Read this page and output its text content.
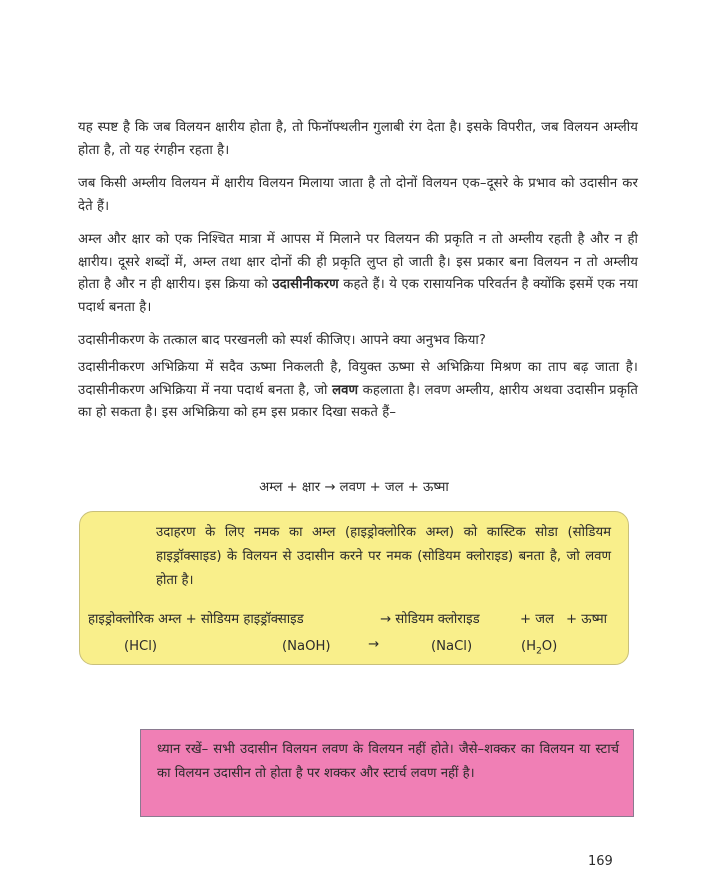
यह स्पष्ट है कि जब विलयन क्षारीय होता है, तो फिनॉफ्थलीन गुलाबी रंग देता है। इसके विपरीत, जब विलयन अम्लीय होता है, तो यह रंगहीन रहता है।

जब किसी अम्लीय विलयन में क्षारीय विलयन मिलाया जाता है तो दोनों विलयन एक–दूसरे के प्रभाव को उदासीन कर देते हैं।

अम्ल और क्षार को एक निश्चित मात्रा में आपस में मिलाने पर विलयन की प्रकृति न तो अम्लीय रहती है और न ही क्षारीय। दूसरे शब्दों में, अम्ल तथा क्षार दोनों की ही प्रकृति लुप्त हो जाती है। इस प्रकार बना विलयन न तो अम्लीय होता है और न ही क्षारीय। इस क्रिया को उदासीनीकरण कहते हैं। ये एक रासायनिक परिवर्तन है क्योंकि इसमें एक नया पदार्थ बनता है।

उदासीनीकरण के तत्काल बाद परखनली को स्पर्श कीजिए। आपने क्या अनुभव किया?

उदासीनीकरण अभिक्रिया में सदैव ऊष्मा निकलती है, वियुक्त ऊष्मा से अभिक्रिया मिश्रण का ताप बढ़ जाता है। उदासीनीकरण अभिक्रिया में नया पदार्थ बनता है, जो लवण कहलाता है। लवण अम्लीय, क्षारीय अथवा उदासीन प्रकृति का हो सकता है। इस अभिक्रिया को हम इस प्रकार दिखा सकते हैं–

अम्ल + क्षार → लवण + जल + ऊष्मा

उदाहरण के लिए नमक का अम्ल (हाइड्रोक्लोरिक अम्ल) को कास्टिक सोडा (सोडियम हाइड्रॉक्साइड) के विलयन से उदासीन करने पर नमक (सोडियम क्लोराइड) बनता है, जो लवण होता है।

हाइड्रोक्लोरिक अम्ल + सोडियम हाइड्रॉक्साइड	→ सोडियम क्लोराइड	+ जल + ऊष्मा
(HCl)	(NaOH)	→	(NaCl)	$(H_2O)$

ध्यान रखें– सभी उदासीन विलयन लवण के विलयन नहीं होते। जैसे–शक्कर का विलयन या स्टार्च का विलयन उदासीन तो होता है पर शक्कर और स्टार्च लवण नहीं है।

169
